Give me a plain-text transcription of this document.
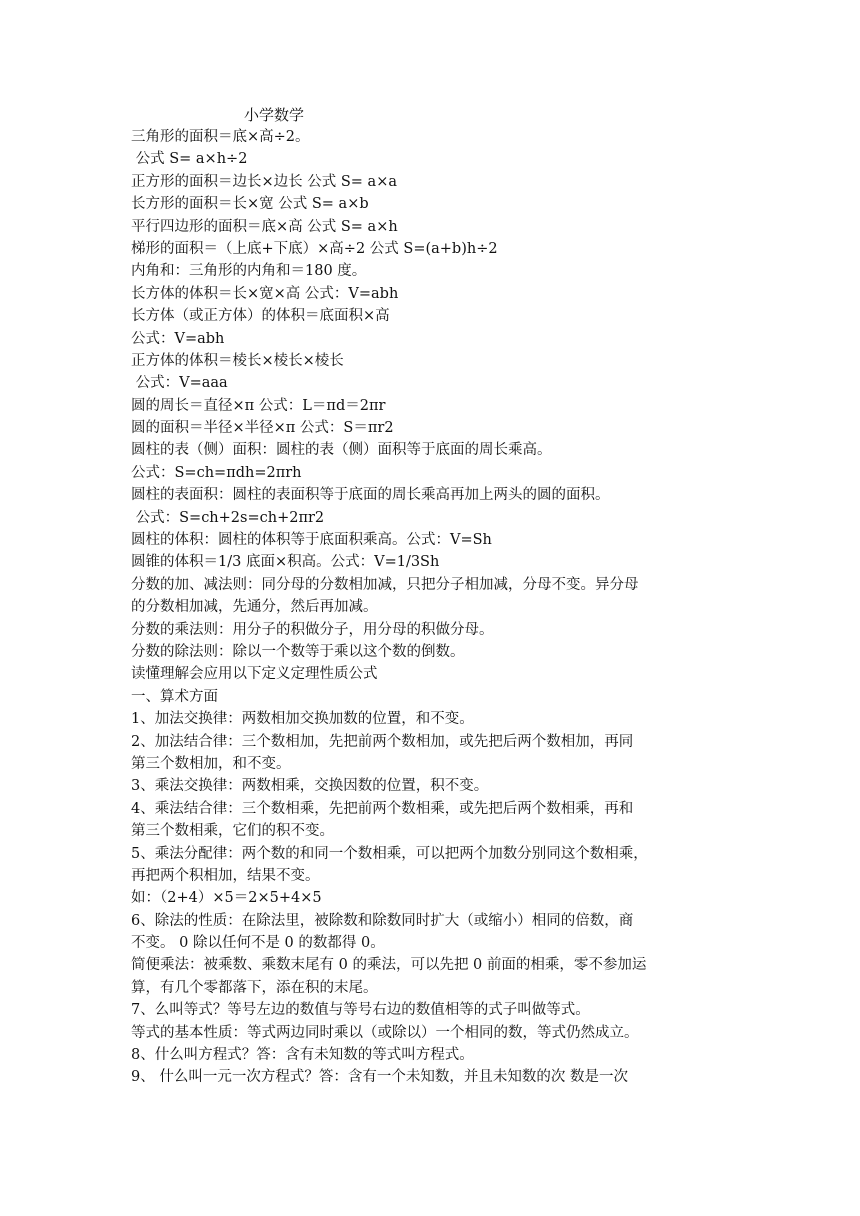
小学数学
三角形的面积＝底×高÷2。
公式 S= a×h÷2
正方形的面积＝边长×边长 公式 S= a×a
长方形的面积＝长×宽 公式 S= a×b
平行四边形的面积＝底×高 公式 S= a×h
梯形的面积＝（上底+下底）×高÷2 公式 S=(a+b)h÷2
内角和：三角形的内角和＝180 度。
长方体的体积＝长×宽×高 公式：V=abh
长方体（或正方体）的体积＝底面积×高
公式：V=abh
正方体的体积＝棱长×棱长×棱长
公式：V=aaa
圆的周长＝直径×π 公式：L＝πd＝2πr
圆的面积＝半径×半径×π 公式：S＝πr2
圆柱的表（侧）面积：圆柱的表（侧）面积等于底面的周长乘高。
公式：S=ch=πdh=2πrh
圆柱的表面积：圆柱的表面积等于底面的周长乘高再加上两头的圆的面积。
公式：S=ch+2s=ch+2πr2
圆柱的体积：圆柱的体积等于底面积乘高。公式：V=Sh
圆锥的体积＝1/3 底面×积高。公式：V=1/3Sh
分数的加、减法则：同分母的分数相加减，只把分子相加减，分母不变。异分母
的分数相加减，先通分，然后再加减。
分数的乘法则：用分子的积做分子，用分母的积做分母。
分数的除法则：除以一个数等于乘以这个数的倒数。
读懂理解会应用以下定义定理性质公式
一、算术方面
1、加法交换律：两数相加交换加数的位置，和不变。
2、加法结合律：三个数相加，先把前两个数相加，或先把后两个数相加，再同
第三个数相加，和不变。
3、乘法交换律：两数相乘，交换因数的位置，积不变。
4、乘法结合律：三个数相乘，先把前两个数相乘，或先把后两个数相乘，再和
第三个数相乘，它们的积不变。
5、乘法分配律：两个数的和同一个数相乘，可以把两个加数分别同这个数相乘，
再把两个积相加，结果不变。
如：（2+4）×5＝2×5+4×5
6、除法的性质：在除法里，被除数和除数同时扩大（或缩小）相同的倍数，商
不变。 0 除以任何不是 0 的数都得 0。
简便乘法：被乘数、乘数末尾有 0 的乘法，可以先把 0 前面的相乘，零不参加运
算，有几个零都落下，添在积的末尾。
7、么叫等式？等号左边的数值与等号右边的数值相等的式子叫做等式。
等式的基本性质：等式两边同时乘以（或除以）一个相同的数，等式仍然成立。
8、什么叫方程式？答：含有未知数的等式叫方程式。
9、 什么叫一元一次方程式？答：含有一个未知数，并且未知数的次 数是一次
